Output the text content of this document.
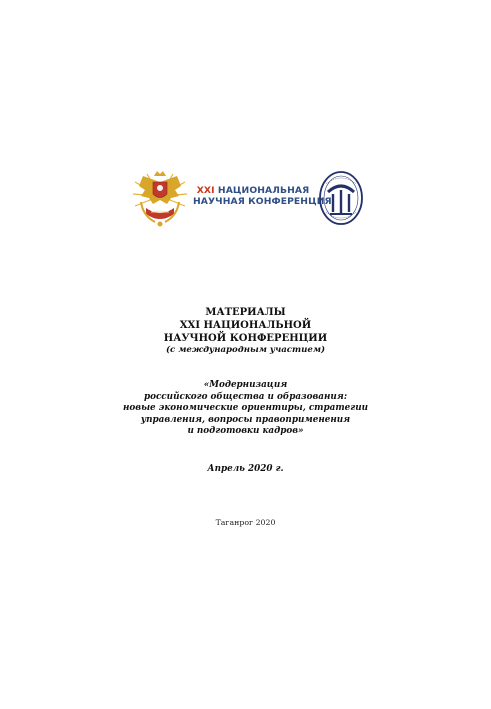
XXI НАЦИОНАЛЬНАЯ
НАУЧНАЯ КОНФЕРЕНЦИЯ
МАТЕРИАЛЫ
XXI НАЦИОНАЛЬНОЙ
НАУЧНОЙ КОНФЕРЕНЦИИ
(с международным участием)
«Модернизация
российского общества и образования:
новые экономические ориентиры, стратегии
управления, вопросы правоприменения
и подготовки кадров»
Апрель 2020 г.
Таганрог 2020
